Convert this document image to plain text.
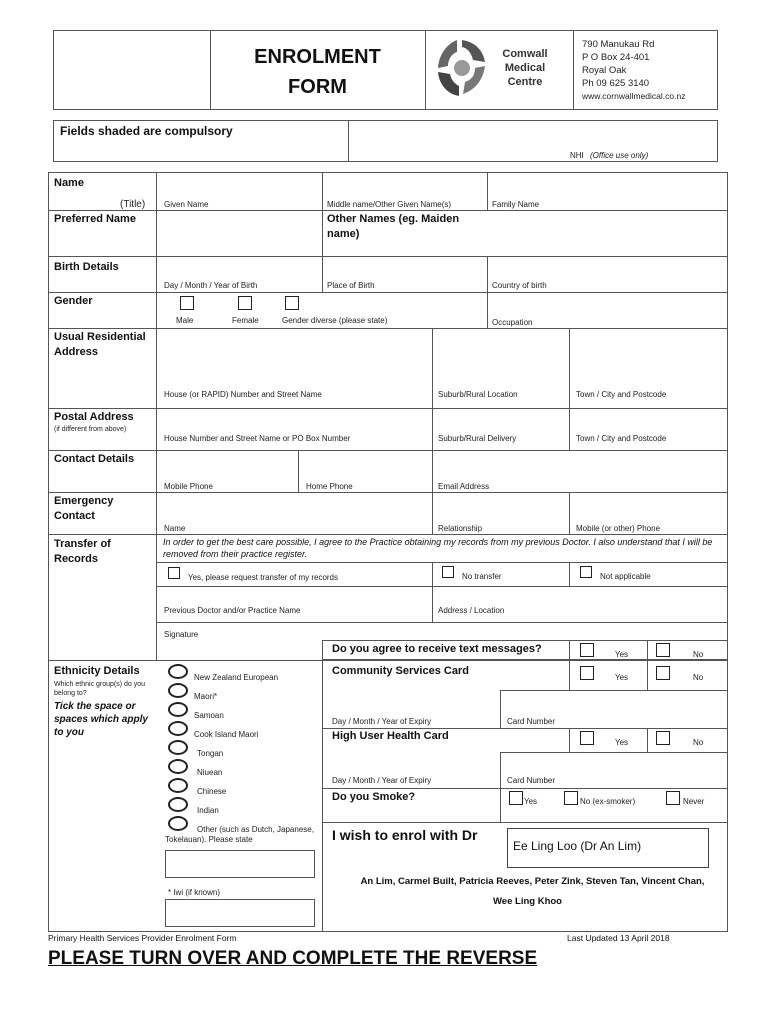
ENROLMENT
FORM
Comwall
Medical
Centre
790 Manukau Rd
P O Box 24-401
Royal Oak
Ph 09 625 3140
www.cornwallmedical.co.nz
Fields shaded are compulsory
NHI (Office use only)
Name
(Title) Given Name	Middle name/Other Given Name(s)	Family Name
Preferred Name	Other Names (eg. Maiden name)
Birth Details
Day / Month / Year of Birth	Place of Birth	Country of birth
Gender
Male	Female	Gender diverse (please state)	Occupation
Usual Residential Address
House (or RAPID) Number and Street Name	Suburb/Rural Location	Town / City and Postcode
Postal Address
(if different from above)
House Number and Street Name or PO Box Number	Suburb/Rural Delivery	Town / City and Postcode
Contact Details
Mobile Phone	Home Phone	Email Address
Emergency Contact
Name	Relationship	Mobile (or other) Phone
Transfer of Records
In order to get the best care possible, I agree to the Practice obtaining my records from my previous Doctor. I also understand that I will be removed from their practice register.
Yes, please request transfer of my records	No transfer	Not applicable
Previous Doctor and/or Practice Name	Address / Location
Signature
Do you agree to receive text messages?	Yes	No
Ethnicity Details
Which ethnic group(s) do you belong to?
Tick the space or spaces which apply to you
New Zealand European
Maori*
Samoan
Cook Island Maori
Tongan
Niuean
Chinese
Indian
Other (such as Dutch, Japanese, Tokelauan). Please state
* Iwi (if known)
Community Services Card
Yes	No
Day / Month / Year of Expiry	Card Number
High User Health Card
Yes	No
Day / Month / Year of Expiry	Card Number
Do you Smoke?	Yes	No (ex-smoker)	Never
I wish to enrol with Dr
Ee Ling Loo (Dr An Lim)
An Lim, Carmel Built, Patricia Reeves, Peter Zink, Steven Tan, Vincent Chan,
Wee Ling Khoo
Primary Health Services Provider Enrolment Form	Last Updated 13 April 2018
PLEASE TURN OVER AND COMPLETE THE REVERSE
